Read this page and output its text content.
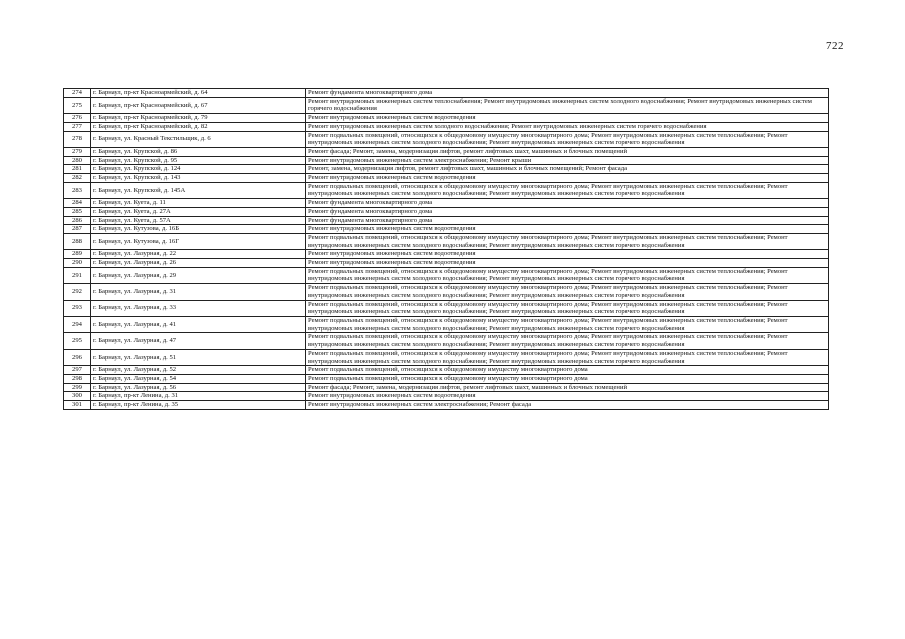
722
274	г. Барнаул, пр-кт Красноармейский, д. 64	Ремонт фундамента многоквартирного дома
275	г. Барнаул, пр-кт Красноармейский, д. 67	Ремонт внутридомовых инженерных систем теплоснабжения; Ремонт внутридомовых инженерных систем холодного водоснабжения; Ремонт внутридомовых инженерных систем горячего водоснабжения
276	г. Барнаул, пр-кт Красноармейский, д. 79	Ремонт внутридомовых инженерных систем водоотведения
277	г. Барнаул, пр-кт Красноармейский, д. 82	Ремонт внутридомовых инженерных систем холодного водоснабжения; Ремонт внутридомовых инженерных систем горячего водоснабжения
278	г. Барнаул, ул. Красный Текстильщик, д. 6	Ремонт подвальных помещений, относящихся к общедомовому имуществу многоквартирного дома; Ремонт внутридомовых инженерных систем теплоснабжения; Ремонт внутридомовых инженерных систем холодного водоснабжения; Ремонт внутридомовых инженерных систем горячего водоснабжения
279	г. Барнаул, ул. Крупской, д. 86	Ремонт фасада; Ремонт, замена, модернизация лифтов, ремонт лифтовых шахт, машинных и блочных помещений
280	г. Барнаул, ул. Крупской, д. 95	Ремонт внутридомовых инженерных систем электроснабжения; Ремонт крыши
281	г. Барнаул, ул. Крупской, д. 124	Ремонт, замена, модернизация лифтов, ремонт лифтовых шахт, машинных и блочных помещений; Ремонт фасада
282	г. Барнаул, ул. Крупской, д. 143	Ремонт внутридомовых инженерных систем водоотведения
283	г. Барнаул, ул. Крупской, д. 145А	Ремонт подвальных помещений, относящихся к общедомовому имуществу многоквартирного дома; Ремонт внутридомовых инженерных систем теплоснабжения; Ремонт внутридомовых инженерных систем холодного водоснабжения; Ремонт внутридомовых инженерных систем горячего водоснабжения
284	г. Барнаул, ул. Куета, д. 11	Ремонт фундамента многоквартирного дома
285	г. Барнаул, ул. Куета, д. 27А	Ремонт фундамента многоквартирного дома
286	г. Барнаул, ул. Куета, д. 57А	Ремонт фундамента многоквартирного дома
287	г. Барнаул, ул. Кутузова, д. 16Б	Ремонт внутридомовых инженерных систем водоотведения
288	г. Барнаул, ул. Кутузова, д. 16Г	Ремонт подвальных помещений, относящихся к общедомовому имуществу многоквартирного дома; Ремонт внутридомовых инженерных систем теплоснабжения; Ремонт внутридомовых инженерных систем холодного водоснабжения; Ремонт внутридомовых инженерных систем горячего водоснабжения
289	г. Барнаул, ул. Лазурная, д. 22	Ремонт внутридомовых инженерных систем водоотведения
290	г. Барнаул, ул. Лазурная, д. 26	Ремонт внутридомовых инженерных систем водоотведения
291	г. Барнаул, ул. Лазурная, д. 29	Ремонт подвальных помещений, относящихся к общедомовому имуществу многоквартирного дома; Ремонт внутридомовых инженерных систем теплоснабжения; Ремонт внутридомовых инженерных систем холодного водоснабжения; Ремонт внутридомовых инженерных систем горячего водоснабжения
292	г. Барнаул, ул. Лазурная, д. 31	Ремонт подвальных помещений, относящихся к общедомовому имуществу многоквартирного дома; Ремонт внутридомовых инженерных систем теплоснабжения; Ремонт внутридомовых инженерных систем холодного водоснабжения; Ремонт внутридомовых инженерных систем горячего водоснабжения
293	г. Барнаул, ул. Лазурная, д. 33	Ремонт подвальных помещений, относящихся к общедомовому имуществу многоквартирного дома; Ремонт внутридомовых инженерных систем теплоснабжения; Ремонт внутридомовых инженерных систем холодного водоснабжения; Ремонт внутридомовых инженерных систем горячего водоснабжения
294	г. Барнаул, ул. Лазурная, д. 41	Ремонт подвальных помещений, относящихся к общедомовому имуществу многоквартирного дома; Ремонт внутридомовых инженерных систем теплоснабжения; Ремонт внутридомовых инженерных систем холодного водоснабжения; Ремонт внутридомовых инженерных систем горячего водоснабжения
295	г. Барнаул, ул. Лазурная, д. 47	Ремонт подвальных помещений, относящихся к общедомовому имуществу многоквартирного дома; Ремонт внутридомовых инженерных систем теплоснабжения; Ремонт внутридомовых инженерных систем холодного водоснабжения; Ремонт внутридомовых инженерных систем горячего водоснабжения
296	г. Барнаул, ул. Лазурная, д. 51	Ремонт подвальных помещений, относящихся к общедомовому имуществу многоквартирного дома; Ремонт внутридомовых инженерных систем теплоснабжения; Ремонт внутридомовых инженерных систем холодного водоснабжения; Ремонт внутридомовых инженерных систем горячего водоснабжения
297	г. Барнаул, ул. Лазурная, д. 52	Ремонт подвальных помещений, относящихся к общедомовому имуществу многоквартирного дома
298	г. Барнаул, ул. Лазурная, д. 54	Ремонт подвальных помещений, относящихся к общедомовому имуществу многоквартирного дома
299	г. Барнаул, ул. Лазурная, д. 56	Ремонт фасада; Ремонт, замена, модернизация лифтов, ремонт лифтовых шахт, машинных и блочных помещений
300	г. Барнаул, пр-кт Ленина, д. 31	Ремонт внутридомовых инженерных систем водоотведения
301	г. Барнаул, пр-кт Ленина, д. 35	Ремонт внутридомовых инженерных систем электроснабжения; Ремонт фасада
